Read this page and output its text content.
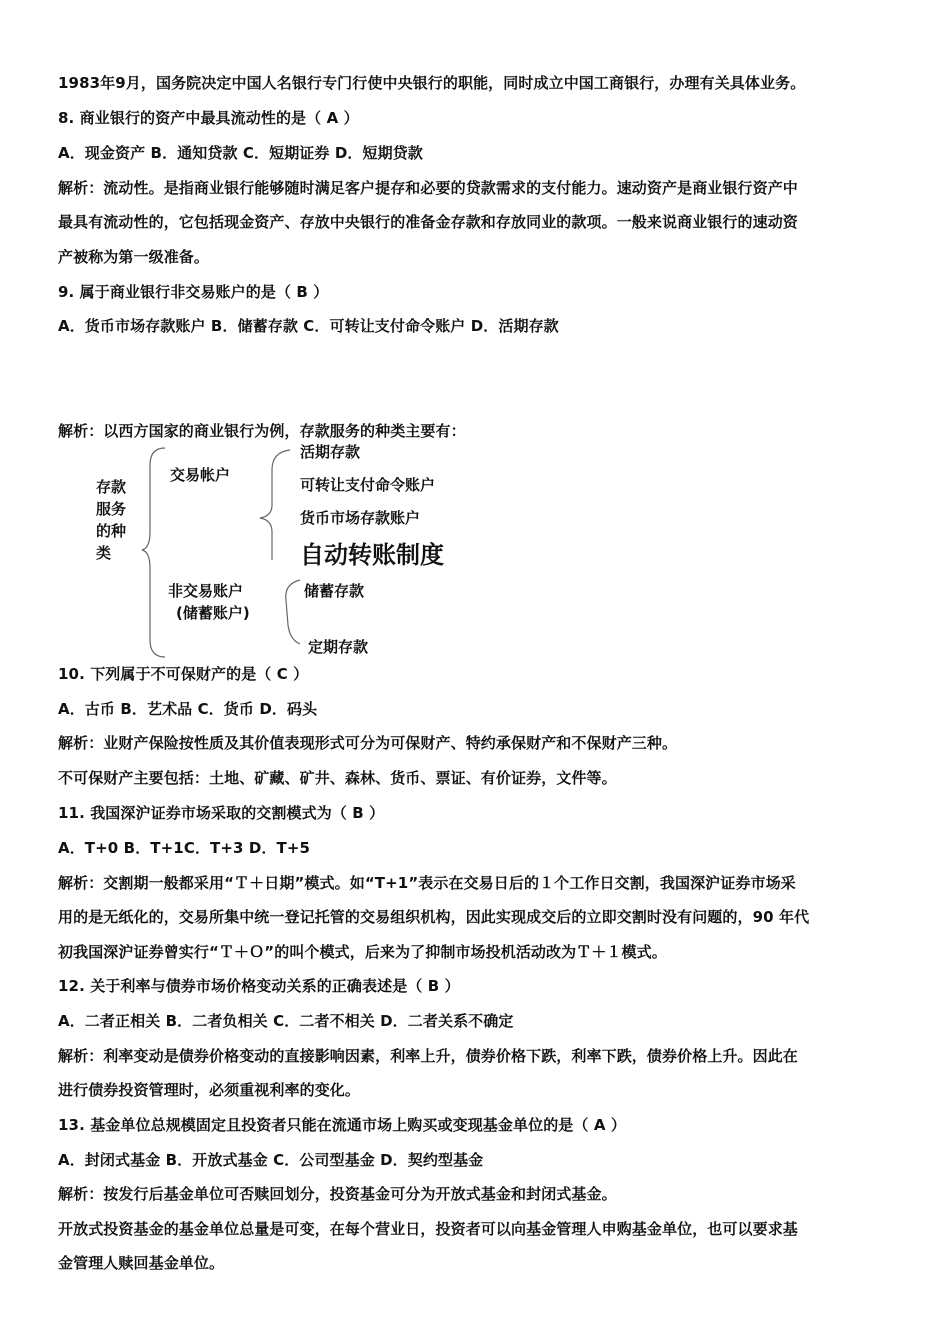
1983年9月，国务院决定中国人名银行专门行使中央银行的职能，同时成立中国工商银行，办理有关具体业务。
8. 商业银行的资产中最具流动性的是（ A ）
A．现金资产 B．通知贷款 C．短期证券 D．短期贷款
解析：流动性。是指商业银行能够随时满足客户提存和必要的贷款需求的支付能力。速动资产是商业银行资产中
最具有流动性的，它包括现金资产、存放中央银行的准备金存款和存放同业的款项。一般来说商业银行的速动资
产被称为第一级准备。
9. 属于商业银行非交易账户的是（ B ）
A．货币市场存款账户 B．储蓄存款 C．可转让支付命令账户 D．活期存款
解析：以西方国家的商业银行为例，存款服务的种类主要有：
存款
服务
的种
类
交易帐户
非交易账户
(储蓄账户)
活期存款
可转让支付命令账户
货币市场存款账户
自动转账制度
储蓄存款
定期存款
10. 下列属于不可保财产的是（ C ）
A．古币 B．艺术品 C．货币 D．码头
解析：业财产保险按性质及其价值表现形式可分为可保财产、特约承保财产和不保财产三种。
不可保财产主要包括：土地、矿藏、矿井、森林、货币、票证、有价证券，文件等。
11. 我国深沪证券市场采取的交割模式为（ B ）
A．T+0 B．T+1C．T+3 D．T+5
解析：交割期一般都采用“Ｔ＋日期”模式。如“T+1”表示在交易日后的１个工作日交割，我国深沪证券市场采
用的是无纸化的，交易所集中统一登记托管的交易组织机构，因此实现成交后的立即交割时没有问题的，90 年代
初我国深沪证券曾实行“Ｔ＋Ｏ”的叫个模式，后来为了抑制市场投机活动改为Ｔ＋１模式。
12. 关于利率与债券市场价格变动关系的正确表述是（ B ）
A．二者正相关 B．二者负相关 C．二者不相关 D．二者关系不确定
解析：利率变动是债券价格变动的直接影响因素，利率上升，债券价格下跌，利率下跌，债券价格上升。因此在
进行债券投资管理时，必须重视利率的变化。
13. 基金单位总规模固定且投资者只能在流通市场上购买或变现基金单位的是（ A ）
A．封闭式基金 B．开放式基金 C．公司型基金 D．契约型基金
解析：按发行后基金单位可否赎回划分，投资基金可分为开放式基金和封闭式基金。
开放式投资基金的基金单位总量是可变，在每个营业日，投资者可以向基金管理人申购基金单位，也可以要求基
金管理人赎回基金单位。
